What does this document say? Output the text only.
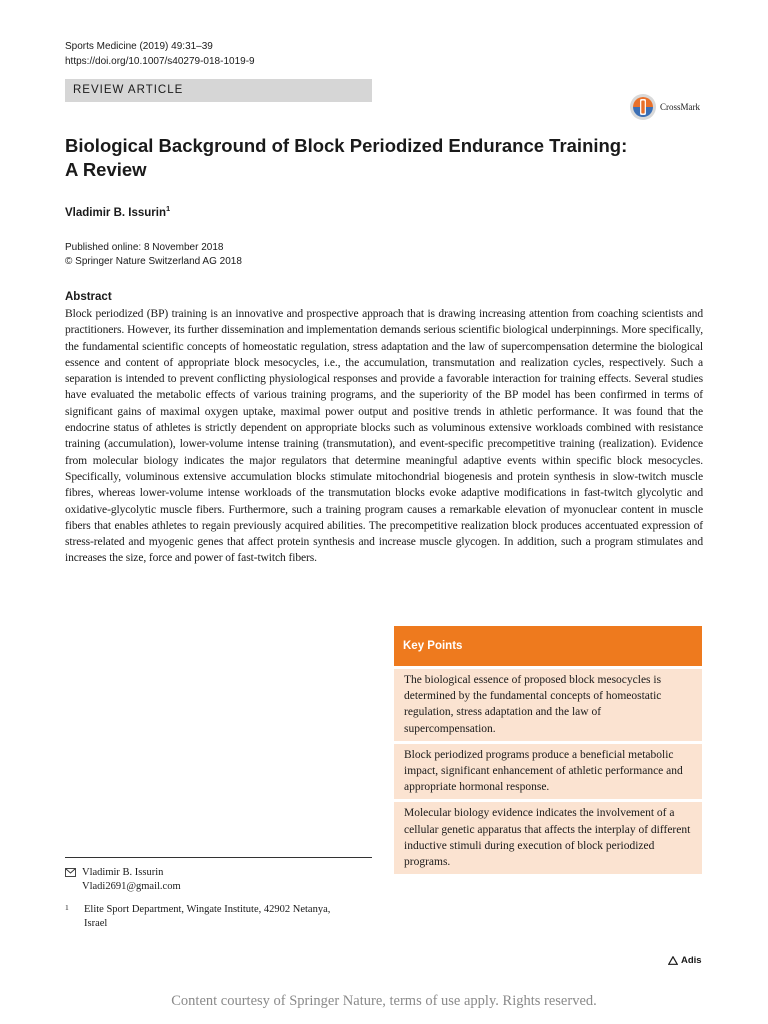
Sports Medicine (2019) 49:31–39
https://doi.org/10.1007/s40279-018-1019-9
REVIEW ARTICLE
CrossMark
Biological Background of Block Periodized Endurance Training:
A Review
Vladimir B. Issurin$^1$
Published online: 8 November 2018
© Springer Nature Switzerland AG 2018
Abstract

Block periodized (BP) training is an innovative and prospective approach that is drawing increasing attention from coaching scientists and practitioners. However, its further dissemination and implementation demands serious scientific biological underpinnings. More specifically, the fundamental scientific concepts of homeostatic regulation, stress adaptation and the law of supercompensation determine the biological essence and content of appropriate block mesocycles, i.e., the accumulation, transmutation and realization cycles, respectively. Such a separation is intended to prevent conflicting physiological responses and provide a favorable interaction for training effects. Several studies have evaluated the metabolic effects of various training programs, and the superiority of the BP model has been confirmed in terms of significant gains of maximal oxygen uptake, maximal power output and positive trends in athletic performance. It was found that the endocrine status of athletes is strictly dependent on appropriate blocks such as voluminous extensive workloads combined with resistance training (accumulation), lower-volume intense training (transmutation), and event-specific precompetitive training (realization). Evidence from molecular biology indicates the major regulators that determine meaningful adaptive events within specific block mesocycles. Specifically, voluminous extensive accumulation blocks stimulate mitochondrial biogenesis and protein synthesis in slow-twitch muscle fibres, whereas lower-volume intense workloads of the transmutation blocks evoke adaptive modifications in fast-twitch glycolytic and oxidative-glycolytic muscle fibers. Furthermore, such a training program causes a remarkable elevation of myonuclear content in muscle fibers that enables athletes to regain previously acquired abilities. The precompetitive realization block produces accentuated expression of stress-related and myogenic genes that affect protein synthesis and increase muscle glycogen. In addition, such a program stimulates and increases the size, force and power of fast-twitch fibers.

Key Points
The biological essence of proposed block mesocycles is determined by the fundamental concepts of homeostatic regulation, stress adaptation and the law of supercompensation.
Block periodized programs produce a beneficial metabolic impact, significant enhancement of athletic performance and appropriate hormonal response.
Molecular biology evidence indicates the involvement of a cellular genetic apparatus that affects the interplay of different inductive stimuli during execution of block periodized programs.
Vladimir B. Issurin
Vladi2691@gmail.com
1 Elite Sport Department, Wingate Institute, 42902 Netanya,
Israel
Adis
Content courtesy of Springer Nature, terms of use apply. Rights reserved.
